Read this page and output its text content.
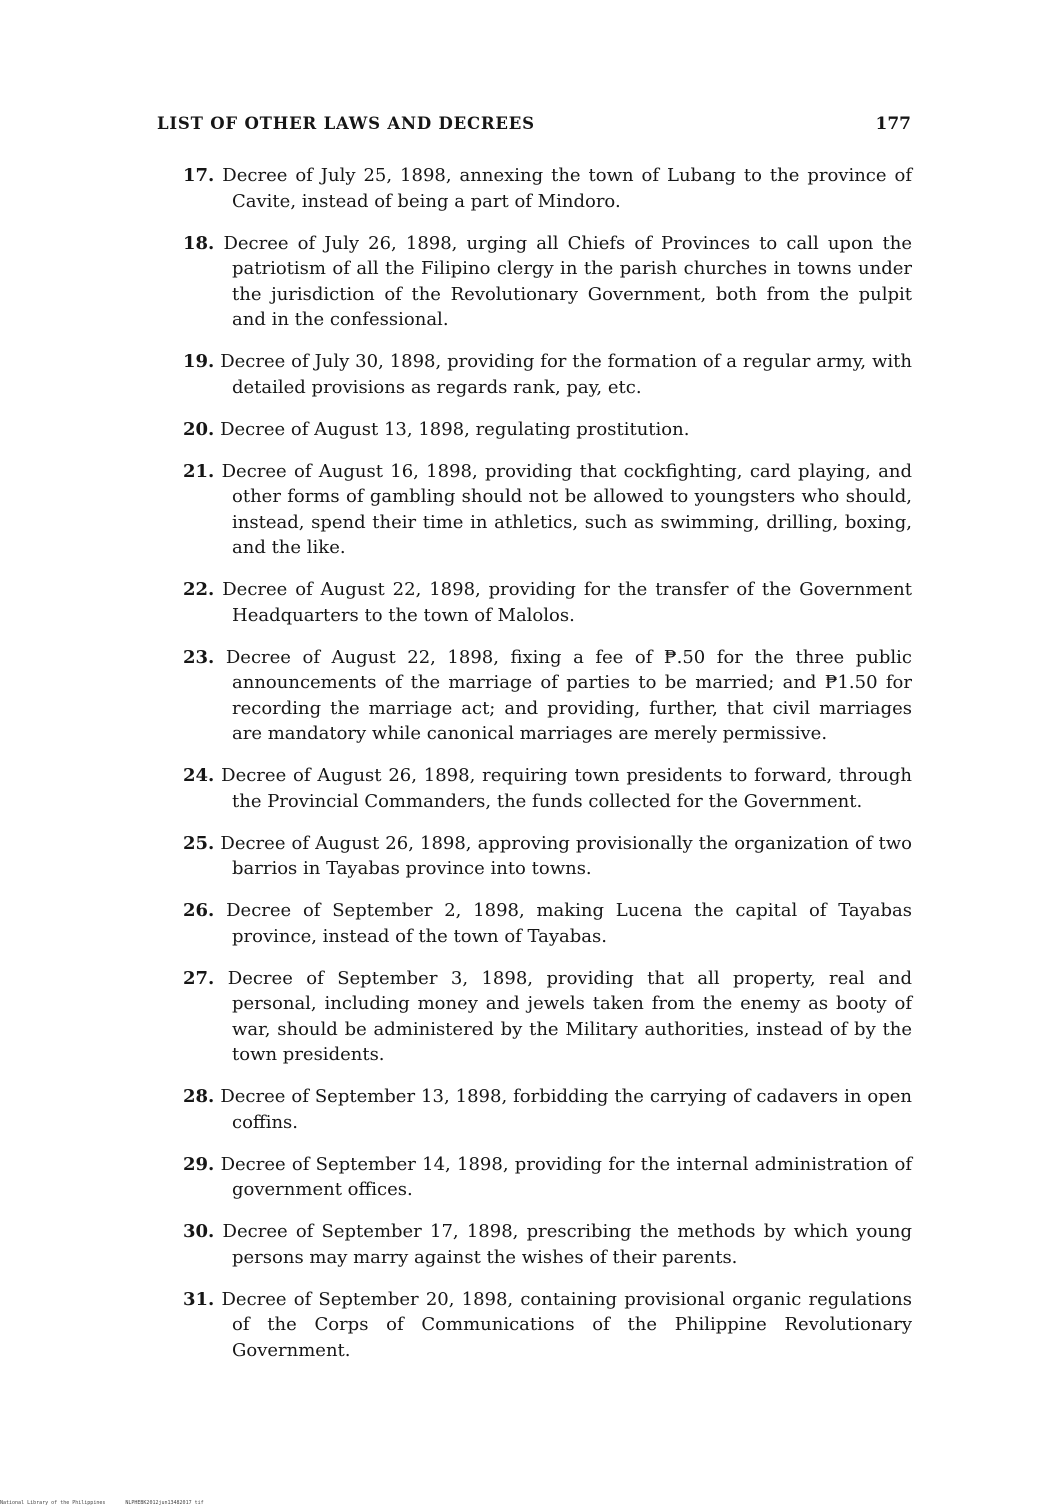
LIST OF OTHER LAWS AND DECREES	177

17. Decree of July 25, 1898, annexing the town of Lubang to the province of Cavite, instead of being a part of Mindoro.

18. Decree of July 26, 1898, urging all Chiefs of Provinces to call upon the patriotism of all the Filipino clergy in the parish churches in towns under the jurisdiction of the Revolutionary Government, both from the pulpit and in the confessional.

19. Decree of July 30, 1898, providing for the formation of a regular army, with detailed provisions as regards rank, pay, etc.

20. Decree of August 13, 1898, regulating prostitution.

21. Decree of August 16, 1898, providing that cockfighting, card playing, and other forms of gambling should not be allowed to youngsters who should, instead, spend their time in athletics, such as swimming, drilling, boxing, and the like.

22. Decree of August 22, 1898, providing for the transfer of the Government Headquarters to the town of Malolos.

23. Decree of August 22, 1898, fixing a fee of ₱.50 for the three public announcements of the marriage of parties to be married; and ₱1.50 for recording the marriage act; and providing, further, that civil marriages are mandatory while canonical marriages are merely permissive.

24. Decree of August 26, 1898, requiring town presidents to forward, through the Provincial Commanders, the funds collected for the Government.

25. Decree of August 26, 1898, approving provisionally the organization of two barrios in Tayabas province into towns.

26. Decree of September 2, 1898, making Lucena the capital of Tayabas province, instead of the town of Tayabas.

27. Decree of September 3, 1898, providing that all property, real and personal, including money and jewels taken from the enemy as booty of war, should be administered by the Military authorities, instead of by the town presidents.

28. Decree of September 13, 1898, forbidding the carrying of cadavers in open coffins.

29. Decree of September 14, 1898, providing for the internal administration of government offices.

30. Decree of September 17, 1898, prescribing the methods by which young persons may marry against the wishes of their parents.

31. Decree of September 20, 1898, containing provisional organic regulations of the Corps of Communications of the Philippine Revolutionary Government.

National Library of the Philippines	NLPHEBK2012jun13482017 tif
